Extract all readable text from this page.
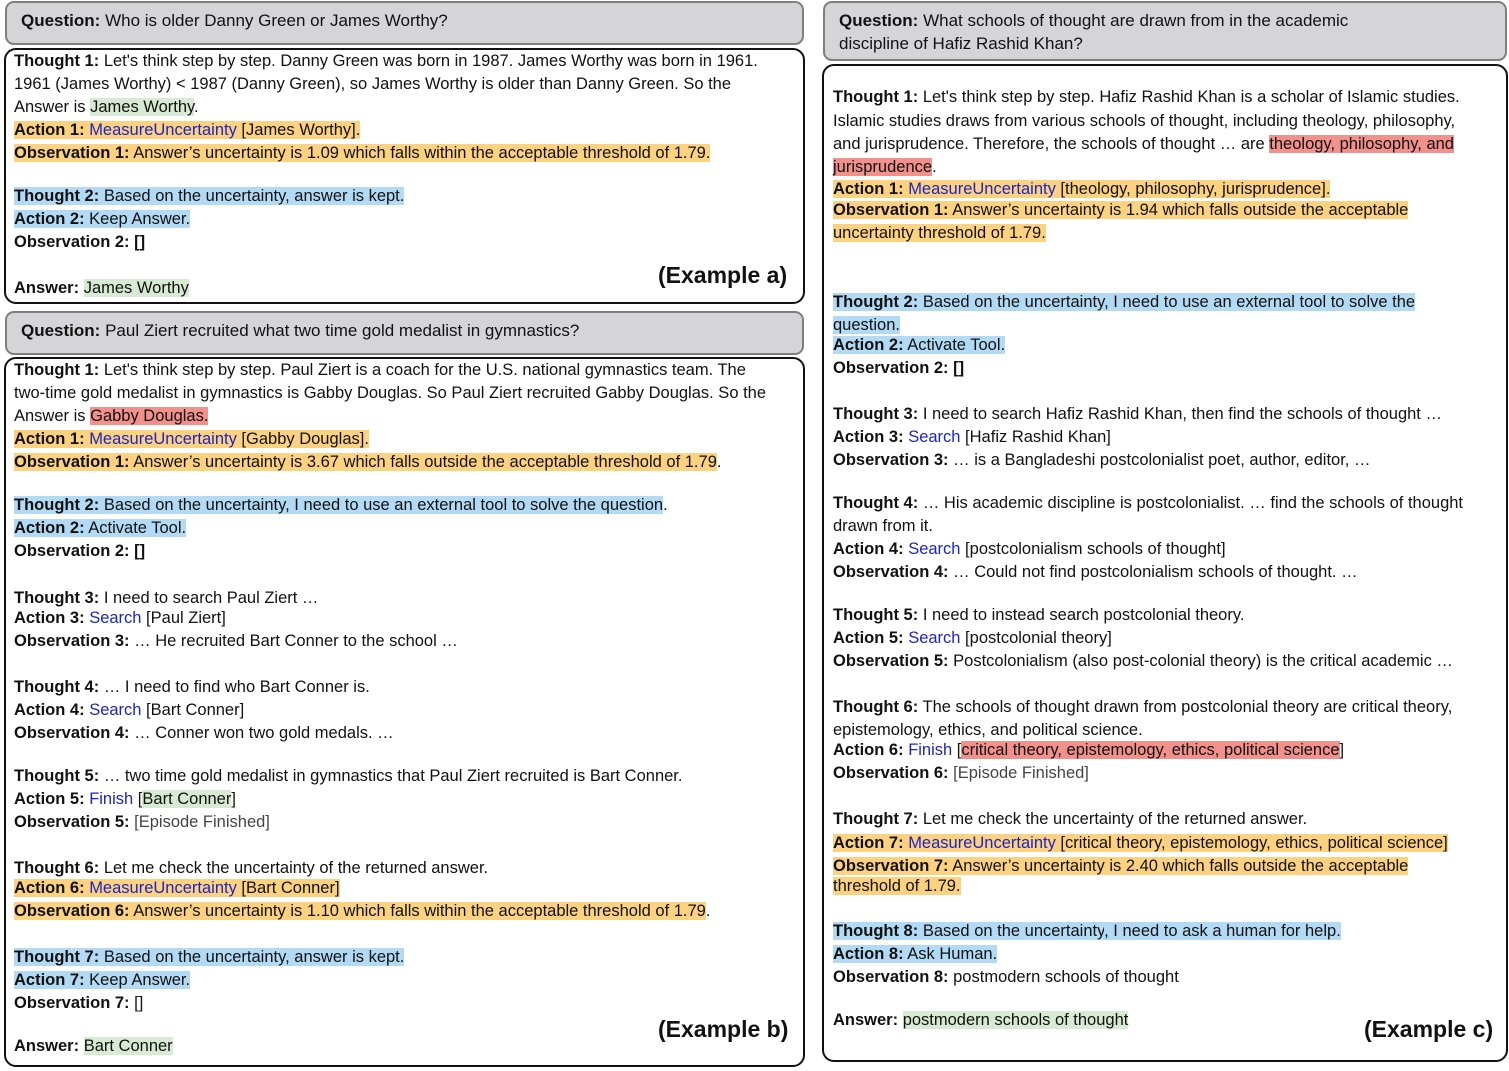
Question: Who is older Danny Green or James Worthy?
Thought 1: Let's think step by step. Danny Green was born in 1987. James Worthy was born in 1961.
1961 (James Worthy) < 1987 (Danny Green), so James Worthy is older than Danny Green. So the
Answer is James Worthy.
Action 1: MeasureUncertainty [James Worthy].
Observation 1: Answer’s uncertainty is 1.09 which falls within the acceptable threshold of 1.79.
Thought 2: Based on the uncertainty, answer is kept.
Action 2: Keep Answer.
Observation 2: []
Answer: James Worthy	(Example a)
Question: Paul Ziert recruited what two time gold medalist in gymnastics?
Thought 1: Let's think step by step. Paul Ziert is a coach for the U.S. national gymnastics team. The
two-time gold medalist in gymnastics is Gabby Douglas. So Paul Ziert recruited Gabby Douglas. So the
Answer is Gabby Douglas.
Action 1: MeasureUncertainty [Gabby Douglas].
Observation 1: Answer’s uncertainty is 3.67 which falls outside the acceptable threshold of 1.79.
Thought 2: Based on the uncertainty, I need to use an external tool to solve the question.
Action 2: Activate Tool.
Observation 2: []
Thought 3: I need to search Paul Ziert …
Action 3: Search [Paul Ziert]
Observation 3: … He recruited Bart Conner to the school …
Thought 4: … I need to find who Bart Conner is.
Action 4: Search [Bart Conner]
Observation 4: … Conner won two gold medals. …
Thought 5: … two time gold medalist in gymnastics that Paul Ziert recruited is Bart Conner.
Action 5: Finish [Bart Conner]
Observation 5: [Episode Finished]
Thought 6: Let me check the uncertainty of the returned answer.
Action 6: MeasureUncertainty [Bart Conner]
Observation 6: Answer’s uncertainty is 1.10 which falls within the acceptable threshold of 1.79.
Thought 7: Based on the uncertainty, answer is kept.
Action 7: Keep Answer.
Observation 7: []
Answer: Bart Conner
(Example b)
Question: What schools of thought are drawn from in the academic
discipline of Hafiz Rashid Khan?
Thought 1: Let's think step by step. Hafiz Rashid Khan is a scholar of Islamic studies.
Islamic studies draws from various schools of thought, including theology, philosophy,
and jurisprudence. Therefore, the schools of thought … are theology, philosophy, and
jurisprudence.
Action 1: MeasureUncertainty [theology, philosophy, jurisprudence].
Observation 1: Answer’s uncertainty is 1.94 which falls outside the acceptable
uncertainty threshold of 1.79.
Thought 2: Based on the uncertainty, I need to use an external tool to solve the
question.
Action 2: Activate Tool.
Observation 2: []
Thought 3: I need to search Hafiz Rashid Khan, then find the schools of thought …
Action 3: Search [Hafiz Rashid Khan]
Observation 3: … is a Bangladeshi postcolonialist poet, author, editor, …
Thought 4: … His academic discipline is postcolonialist. … find the schools of thought
drawn from it.
Action 4: Search [postcolonialism schools of thought]
Observation 4: … Could not find postcolonialism schools of thought. …
Thought 5: I need to instead search postcolonial theory.
Action 5: Search [postcolonial theory]
Observation 5: Postcolonialism (also post-colonial theory) is the critical academic …
Thought 6: The schools of thought drawn from postcolonial theory are critical theory,
epistemology, ethics, and political science.
Action 6: Finish [critical theory, epistemology, ethics, political science]
Observation 6: [Episode Finished]
Thought 7: Let me check the uncertainty of the returned answer.
Action 7: MeasureUncertainty [critical theory, epistemology, ethics, political science]
Observation 7: Answer’s uncertainty is 2.40 which falls outside the acceptable
threshold of 1.79.
Thought 8: Based on the uncertainty, I need to ask a human for help.
Action 8: Ask Human.
Observation 8: postmodern schools of thought
Answer: postmodern schools of thought	(Example c)
